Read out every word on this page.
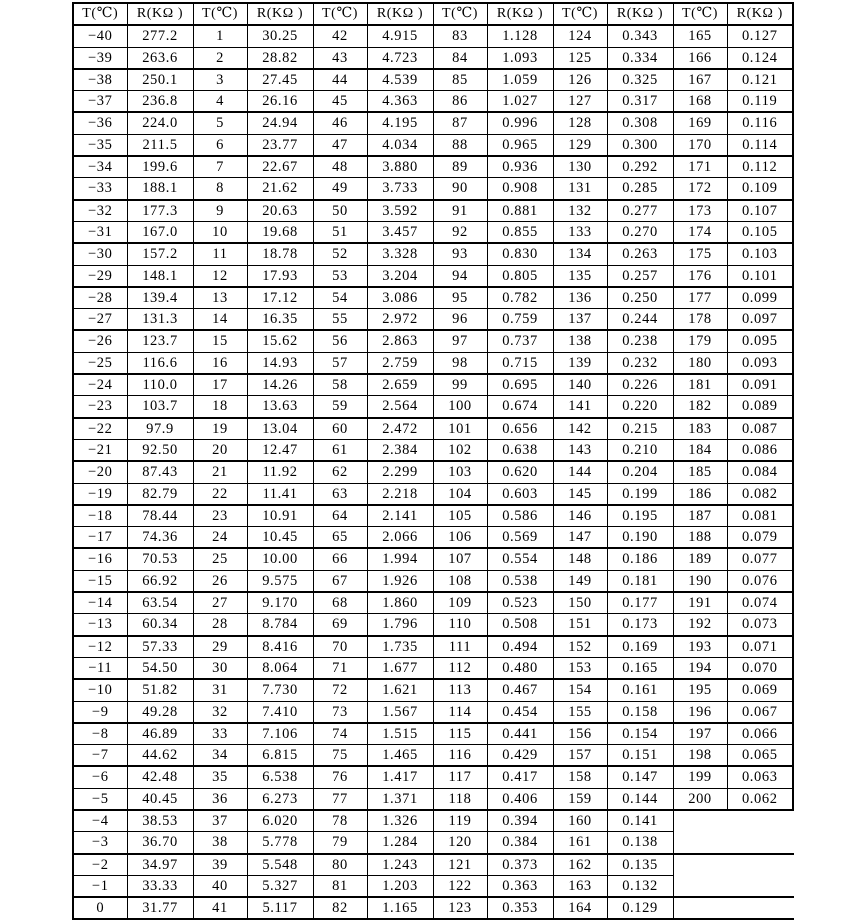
T(℃)	R(KΩ )	T(℃)	R(KΩ )	T(℃)	R(KΩ )	T(℃)	R(KΩ )	T(℃)	R(KΩ )	T(℃)	R(KΩ )
−40	277.2	1	30.25	42	4.915	83	1.128	124	0.343	165	0.127
−39	263.6	2	28.82	43	4.723	84	1.093	125	0.334	166	0.124
−38	250.1	3	27.45	44	4.539	85	1.059	126	0.325	167	0.121
−37	236.8	4	26.16	45	4.363	86	1.027	127	0.317	168	0.119
−36	224.0	5	24.94	46	4.195	87	0.996	128	0.308	169	0.116
−35	211.5	6	23.77	47	4.034	88	0.965	129	0.300	170	0.114
−34	199.6	7	22.67	48	3.880	89	0.936	130	0.292	171	0.112
−33	188.1	8	21.62	49	3.733	90	0.908	131	0.285	172	0.109
−32	177.3	9	20.63	50	3.592	91	0.881	132	0.277	173	0.107
−31	167.0	10	19.68	51	3.457	92	0.855	133	0.270	174	0.105
−30	157.2	11	18.78	52	3.328	93	0.830	134	0.263	175	0.103
−29	148.1	12	17.93	53	3.204	94	0.805	135	0.257	176	0.101
−28	139.4	13	17.12	54	3.086	95	0.782	136	0.250	177	0.099
−27	131.3	14	16.35	55	2.972	96	0.759	137	0.244	178	0.097
−26	123.7	15	15.62	56	2.863	97	0.737	138	0.238	179	0.095
−25	116.6	16	14.93	57	2.759	98	0.715	139	0.232	180	0.093
−24	110.0	17	14.26	58	2.659	99	0.695	140	0.226	181	0.091
−23	103.7	18	13.63	59	2.564	100	0.674	141	0.220	182	0.089
−22	97.9	19	13.04	60	2.472	101	0.656	142	0.215	183	0.087
−21	92.50	20	12.47	61	2.384	102	0.638	143	0.210	184	0.086
−20	87.43	21	11.92	62	2.299	103	0.620	144	0.204	185	0.084
−19	82.79	22	11.41	63	2.218	104	0.603	145	0.199	186	0.082
−18	78.44	23	10.91	64	2.141	105	0.586	146	0.195	187	0.081
−17	74.36	24	10.45	65	2.066	106	0.569	147	0.190	188	0.079
−16	70.53	25	10.00	66	1.994	107	0.554	148	0.186	189	0.077
−15	66.92	26	9.575	67	1.926	108	0.538	149	0.181	190	0.076
−14	63.54	27	9.170	68	1.860	109	0.523	150	0.177	191	0.074
−13	60.34	28	8.784	69	1.796	110	0.508	151	0.173	192	0.073
−12	57.33	29	8.416	70	1.735	111	0.494	152	0.169	193	0.071
−11	54.50	30	8.064	71	1.677	112	0.480	153	0.165	194	0.070
−10	51.82	31	7.730	72	1.621	113	0.467	154	0.161	195	0.069
−9	49.28	32	7.410	73	1.567	114	0.454	155	0.158	196	0.067
−8	46.89	33	7.106	74	1.515	115	0.441	156	0.154	197	0.066
−7	44.62	34	6.815	75	1.465	116	0.429	157	0.151	198	0.065
−6	42.48	35	6.538	76	1.417	117	0.417	158	0.147	199	0.063
−5	40.45	36	6.273	77	1.371	118	0.406	159	0.144	200	0.062
−4	38.53	37	6.020	78	1.326	119	0.394	160	0.141		
−3	36.70	38	5.778	79	1.284	120	0.384	161	0.138		
−2	34.97	39	5.548	80	1.243	121	0.373	162	0.135		
−1	33.33	40	5.327	81	1.203	122	0.363	163	0.132		
0	31.77	41	5.117	82	1.165	123	0.353	164	0.129		
